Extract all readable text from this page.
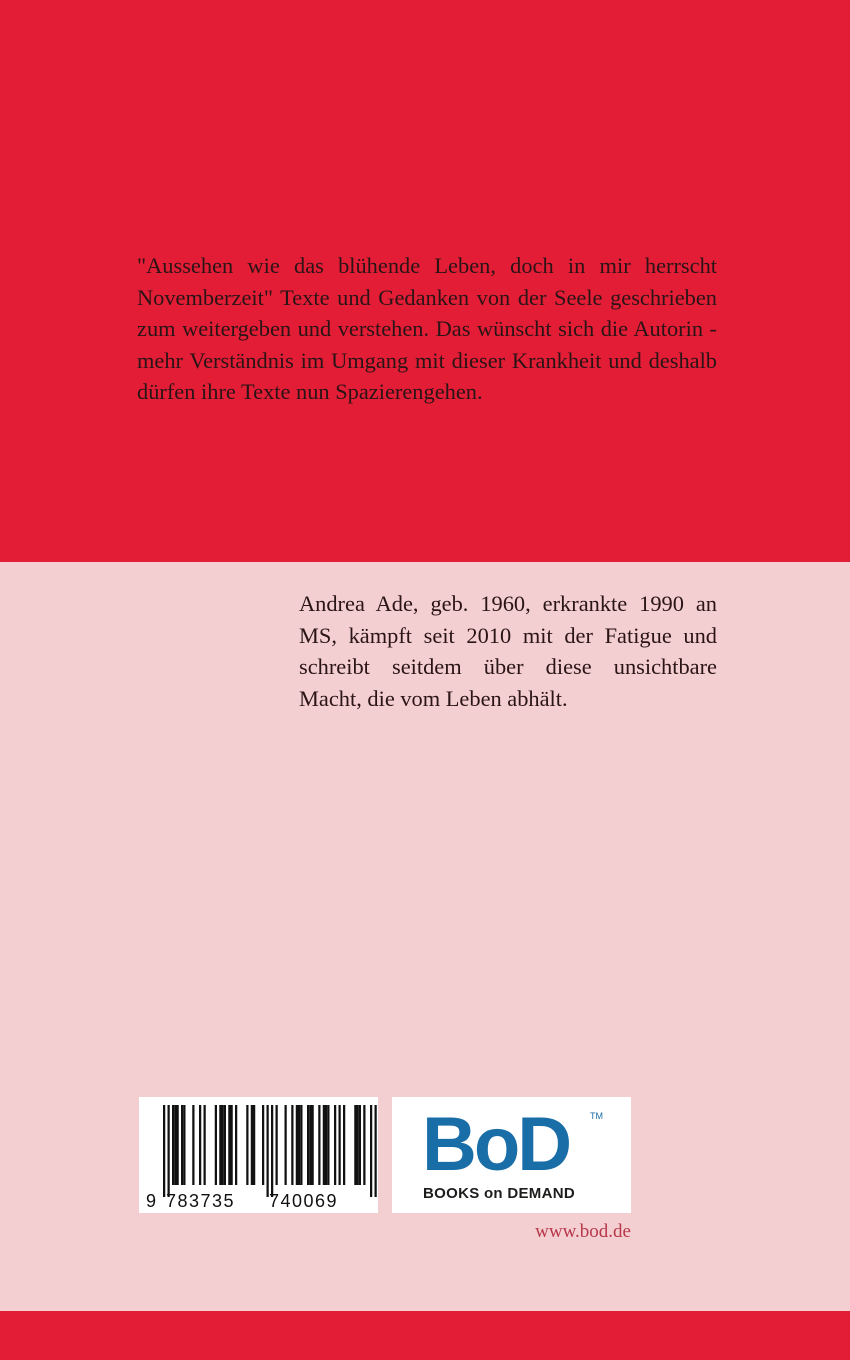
"Aussehen wie das blühende Leben, doch in mir herrscht Novemberzeit" Texte und Gedanken von der Seele geschrieben zum weitergeben und verstehen. Das wünscht sich die Autorin - mehr Verständnis im Umgang mit dieser Krankheit und deshalb dürfen ihre Texte nun Spazierengehen.

Andrea Ade, geb. 1960, erkrankte 1990 an MS, kämpft seit 2010 mit der Fatigue und schreibt seitdem über diese unsichtbare Macht, die vom Leben abhält.

9 783735 740069
BoD TM
BOOKS on DEMAND
www.bod.de
